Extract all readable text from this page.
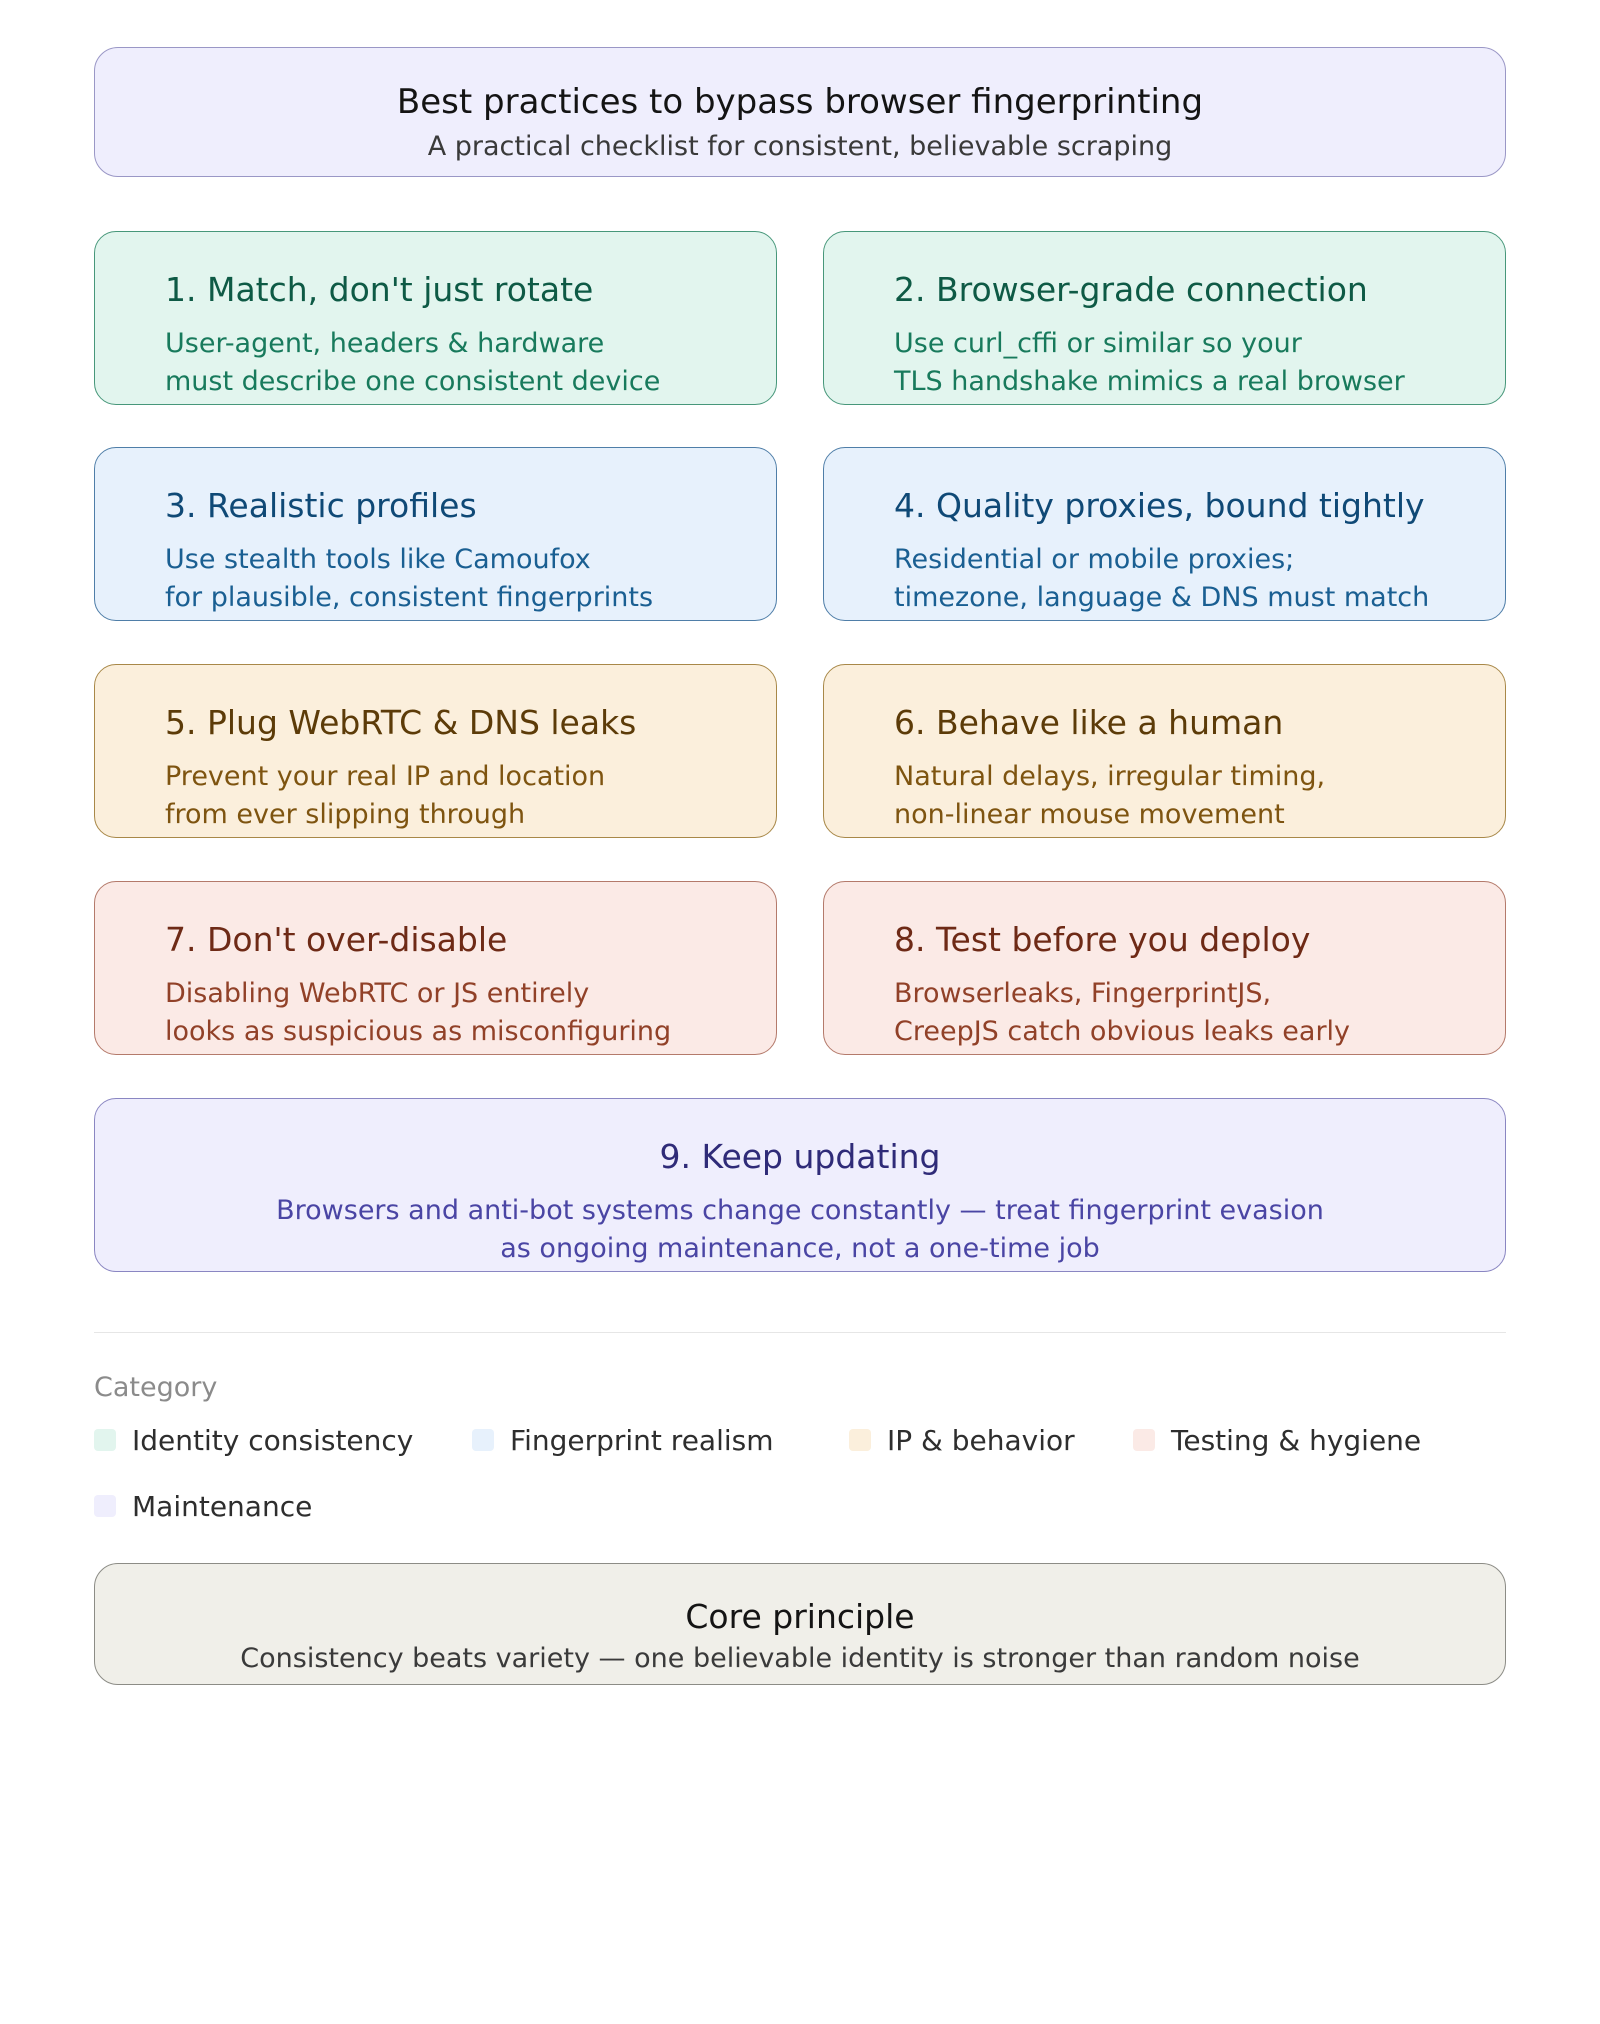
Best practices to bypass browser fingerprinting
A practical checklist for consistent, believable scraping
1. Match, don't just rotate
User-agent, headers & hardware
must describe one consistent device
2. Browser-grade connection
Use curl_cffi or similar so your
TLS handshake mimics a real browser
3. Realistic profiles
Use stealth tools like Camoufox
for plausible, consistent fingerprints
4. Quality proxies, bound tightly
Residential or mobile proxies;
timezone, language & DNS must match
5. Plug WebRTC & DNS leaks
Prevent your real IP and location
from ever slipping through
6. Behave like a human
Natural delays, irregular timing,
non-linear mouse movement
7. Don't over-disable
Disabling WebRTC or JS entirely
looks as suspicious as misconfiguring
8. Test before you deploy
Browserleaks, FingerprintJS,
CreepJS catch obvious leaks early
9. Keep updating
Browsers and anti-bot systems change constantly — treat fingerprint evasion
as ongoing maintenance, not a one-time job
Category
Identity consistency	Fingerprint realism	IP & behavior	Testing & hygiene
Maintenance
Core principle
Consistency beats variety — one believable identity is stronger than random noise
